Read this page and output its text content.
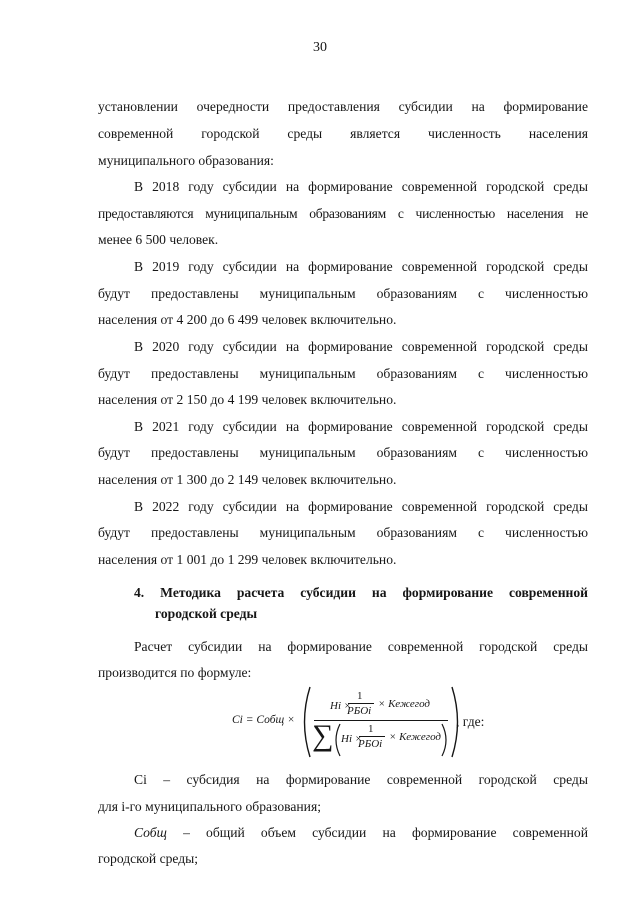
30
установлении очередности предоставления субсидии на формирование
современной городской среды является численность населения
муниципального образования:
В 2018 году субсидии на формирование современной городской среды
предоставляются муниципальным образованиям с численностью населения не
менее 6 500 человек.
В 2019 году субсидии на формирование современной городской среды
будут предоставлены муниципальным образованиям с численностью
населения от 4 200 до 6 499 человек включительно.
В 2020 году субсидии на формирование современной городской среды
будут предоставлены муниципальным образованиям с численностью
населения от 2 150 до 4 199 человек включительно.
В 2021 году субсидии на формирование современной городской среды
будут предоставлены муниципальным образованиям с численностью
населения от 1 300 до 2 149 человек включительно.
В 2022 году субсидии на формирование современной городской среды
будут предоставлены муниципальным образованиям с численностью
населения от 1 001 до 1 299 человек включительно.
4. Методика расчета субсидии на формирование современной
городской среды
Расчет субсидии на формирование современной городской среды
производится по формуле:
Ci = Собщ ×
Hi ×
1
РБОi
× Кежегод
∑ Hi ×
1
РБОi
× Кежегод
, где:
Ci – субсидия на формирование современной городской среды
для i-го муниципального образования;
Собщ – общий объем субсидии на формирование современной
городской среды;
